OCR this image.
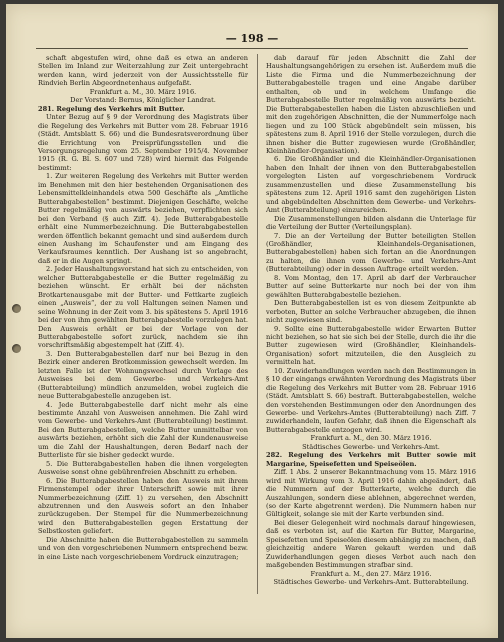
— 198 —

schaft abgestufen wird, ohne daß es etwa an anderen Stellen im Inland zur Weiterzahlung zur Zeit untergebracht werden kann, wird jederzeit von der Aussichtsstelle für Rindvieh Berlin Abgeordnetenhaus aufgefaßt.

Frankfurt a. M., 30. März 1916.

Der Vorstand: Bernus, Königlicher Landrat.

281. Regelung des Verkehrs mit Butter.

Unter Bezug auf § 9 der Verordnung des Magistrats über die Regelung des Verkehrs mit Butter vom 28. Februar 1916 (Städt. Amtsblatt S. 66) und die Bundesratsverordnung über die Errichtung von Preisprüfungsstellen und die Versorgungsregelung vom 25. September 1915/4. November 1915 (R. G. Bl. S. 607 und 728) wird hiermit das Folgende bestimmt:

1. Zur weiteren Regelung des Verkehrs mit Butter werden im Benehmen mit den hier bestehenden Organisationen des Lebensmittelkleinhandels etwa 500 Geschäfte als „Amtliche Butterabgabestellen“ bestimmt. Diejenigen Geschäfte, welche Butter regelmäßig von auswärts beziehen, verpflichten sich bei den Verband (§ auch Ziff. 4). Jede Butterabgabestelle erhält eine Nummerbezeichnung. Die Butterabgabestellen werden öffentlich bekannt gemacht und sind außerdem durch einen Aushang im Schaufenster und am Eingang des Verkaufsraumes kenntlich. Der Aushang ist so angebracht, daß er in die Augen springt.

2. Jeder Haushaltungsvorstand hat sich zu entscheiden, von welcher Butterabgabestelle er die Butter regelmäßig zu beziehen wünscht. Er erhält bei der nächsten Brotkartenausgabe mit der Butter- und Fettkarte zugleich einen „Ausweis“, der zu voll Haltungen seinen Namen und seine Wohnung in der Zeit vom 3. bis spätestens 5. April 1916 bei der von ihm gewählten Butterabgabestelle vorzulegen hat. Den Ausweis erhält er bei der Vorlage von der Butterabgabestelle sofort zurück, nachdem sie ihn vorschriftsmäßig abgestempelt hat (Ziff. 4).

3. Den Butterabgabestellen darf nur bei Bezug in den Bezirk einer anderen Brotkommission gewechselt werden. Im letzten Falle ist der Wohnungswechsel durch Vorlage des Ausweises bei dem Gewerbe- und Verkehrs-Amt (Butterabteilung) mündlich anzumelden, wobei zugleich die neue Butterabgabestelle anzugeben ist.

4. Jede Butterabgabestelle darf nicht mehr als eine bestimmte Anzahl von Ausweisen annehmen. Die Zahl wird vom Gewerbe- und Verkehrs-Amt (Butterabteilung) bestimmt. Bei den Butterabgabestellen, welche Butter unmittelbar von auswärts beziehen, erhöht sich die Zahl der Kundenausweise um die Zahl der Haushaltungen, deren Bedarf nach der Butterliste für sie bisher gedeckt wurde.

5. Die Butterabgabestellen haben die ihnen vorgelegten Ausweise sonst ohne gebührenfreien Abschnitt zu erheben.

6. Die Butterabgabestellen haben den Ausweis mit ihrem Firmenstempel oder ihrer Unterschrift sowie mit ihrer Nummerbezeichnung (Ziff. 1) zu versehen, den Abschnitt abzutrennen und den Ausweis sofort an den Inhaber zurückzugeben. Der Stempel für die Nummerbezeichnung wird den Butterabgabestellen gegen Erstattung der Selbstkosten geliefert.

Die Abschnitte haben die Butterabgabestellen zu sammeln und von den vorgeschriebenen Nummern entsprechend bezw. in eine Liste nach vorgeschriebenem Vordruck einzutragen;

dab darauf für jeden Abschnitt die Zahl der Haushaltungsangehörigen zu ersehen ist. Außerdem muß die Liste die Firma und die Nummerbezeichnung der Butterabgabestelle tragen und eine Angabe darüber enthalten, ob und in welchem Umfange die Butterabgabestelle Butter regelmäßig von auswärts bezieht. Die Butterabgabestellen haben die Listen abzuschließen und mit den zugehörigen Abschnitten, die der Nummerfolge nach liegen und zu 100 Stück abgebündelt sein müssen, bis spätestens zum 8. April 1916 der Stelle vorzulegen, durch die ihnen bisher die Butter zugewiesen wurde (Großhändler, Kleinhändler-Organisation).

6. Die Großhändler und die Kleinhändler-Organisationen haben den Inhalt der ihnen von den Butterabgabestellen vorgelegten Listen auf vorgeschriebenem Vordruck zusammenzustellen und diese Zusammenstellung bis spätestens zum 12. April 1916 samt den zugehörigen Listen und abgebündelten Abschnitten dem Gewerbe- und Verkehrs-Amt (Butterabteilung) einzureichen.

Die Zusammenstellungen bilden alsdann die Unterlage für die Verteilung der Butter (Verteilungsplan).

7. Die an der Verteilung der Butter beteiligten Stellen (Großhändler, Kleinhandels-Organisationen, Butterabgabestellen) haben sich fortan an die Anordnungen zu halten, die ihnen vom Gewerbe- und Verkehrs-Amt (Butterabteilung) oder in dessen Auftrage erteilt werden.

8. Vom Montag, den 17. April ab darf der Verbraucher Butter auf seine Butterkarte nur noch bei der von ihm gewählten Butterabgabestelle beziehen.

Den Butterabgabestellen ist es von diesem Zeitpunkte ab verboten, Butter an solche Verbraucher abzugeben, die ihnen nicht zugewiesen sind.

9. Sollte eine Butterabgabestelle wider Erwarten Butter nicht beziehen, so hat sie sich bei der Stelle, durch die ihr die Butter zugewiesen wird (Großhändler, Kleinhandels-Organisation) sofort mitzuteilen, die den Ausgleich zu vermitteln hat.

10. Zuwiderhandlungen werden nach den Bestimmungen in § 10 der eingangs erwähnten Verordnung des Magistrats über die Regelung des Verkehrs mit Butter vom 28. Februar 1916 (Städt. Amtsblatt S. 66) bestraft. Butterabgabestellen, welche den vorstehenden Bestimmungen oder den Anordnungen des Gewerbe- und Verkehrs-Amtes (Butterabteilung) nach Ziff. 7 zuwiderhandeln, laufen Gefahr, daß ihnen die Eigenschaft als Butterabgabestelle entzogen wird.

Frankfurt a. M., den 30. März 1916.

Städtisches Gewerbe- und Verkehrs-Amt.

282. Regelung des Verkehrs mit Butter sowie mit Margarine, Speisefetten und Speiseölen.

Ziff. 1 Abs. 2 unserer Bekanntmachung vom 15. März 1916 wird mit Wirkung vom 3. April 1916 dahin abgeändert, daß die Nummern auf der Butterkarte, welche durch die Auszahlungen, sondern diese ablehnen, abgerechnet werden, (so der Karte abgetrennt werden). Die Nummern haben nur Gültigkeit, solange sie mit der Karte verbunden sind.

Bei dieser Gelegenheit wird nochmals darauf hingewiesen, daß es verboten ist, auf die Karten für Butter, Margarine, Speisefetten und Speiseölen diesem abhängig zu machen, daß gleichzeitig andere Waren gekauft werden und daß Zuwiderhandlungen gegen dieses Verbot auch nach den maßgebenden Bestimmungen strafbar sind.

Frankfurt a. M., den 27. März 1916.

Städtisches Gewerbe- und Verkehrs-Amt. Butterabteilung.
